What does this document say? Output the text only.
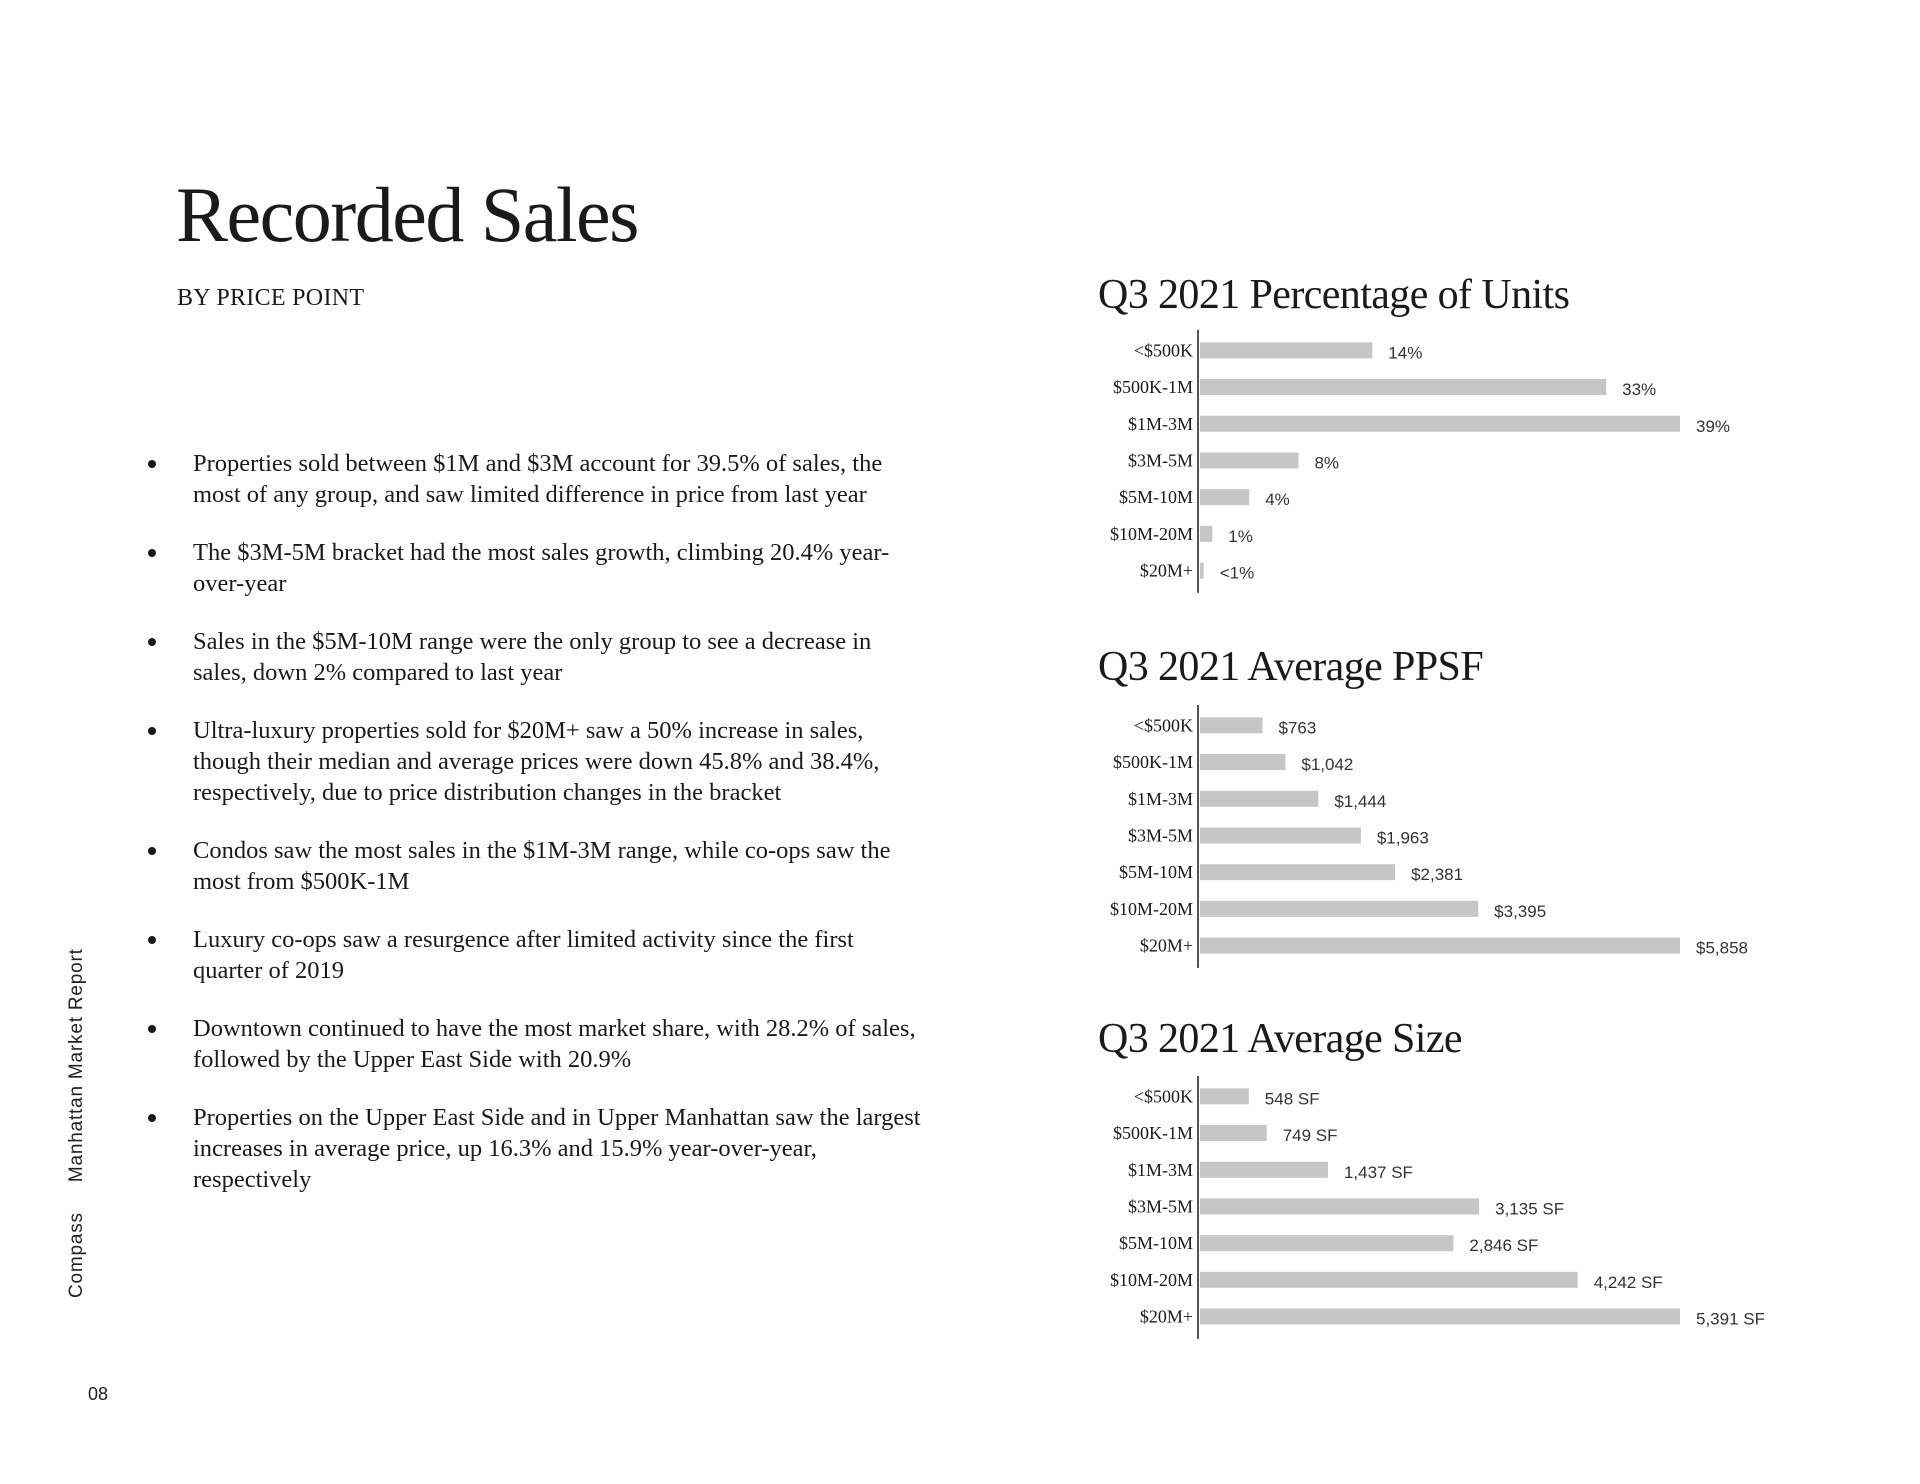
Recorded Sales
BY PRICE POINT
Properties sold between $1M and $3M account for 39.5% of sales, the most of any group, and saw limited difference in price from last year
The $3M-5M bracket had the most sales growth, climbing 20.4% year-over-year
Sales in the $5M-10M range were the only group to see a decrease in sales, down 2% compared to last year
Ultra-luxury properties sold for $20M+ saw a 50% increase in sales, though their median and average prices were down 45.8% and 38.4%, respectively, due to price distribution changes in the bracket
Condos saw the most sales in the $1M-3M range, while co-ops saw the most from $500K-1M
Luxury co-ops saw a resurgence after limited activity since the first quarter of 2019
Downtown continued to have the most market share, with 28.2% of sales, followed by the Upper East Side with 20.9%
Properties on the Upper East Side and in Upper Manhattan saw the largest increases in average price, up 16.3% and 15.9% year-over-year, respectively
CompassManhattan Market Report
08
Q3 2021 Percentage of Units
<$500K	14%
$500K-1M	33%
$1M-3M	39%
$3M-5M	8%
$5M-10M	4%
$10M-20M 1%
$20M+ <1%
Q3 2021 Average PPSF
<$500K	$763
$500K-1M	$1,042
$1M-3M	$1,444
$3M-5M	$1,963
$5M-10M	$2,381
$10M-20M	$3,395
$20M+	$5,858
Q3 2021 Average Size
<$500K	548 SF
$500K-1M	749 SF
$1M-3M	1,437 SF
$3M-5M	3,135 SF
$5M-10M	2,846 SF
$10M-20M	4,242 SF
$20M+	5,391 SF
